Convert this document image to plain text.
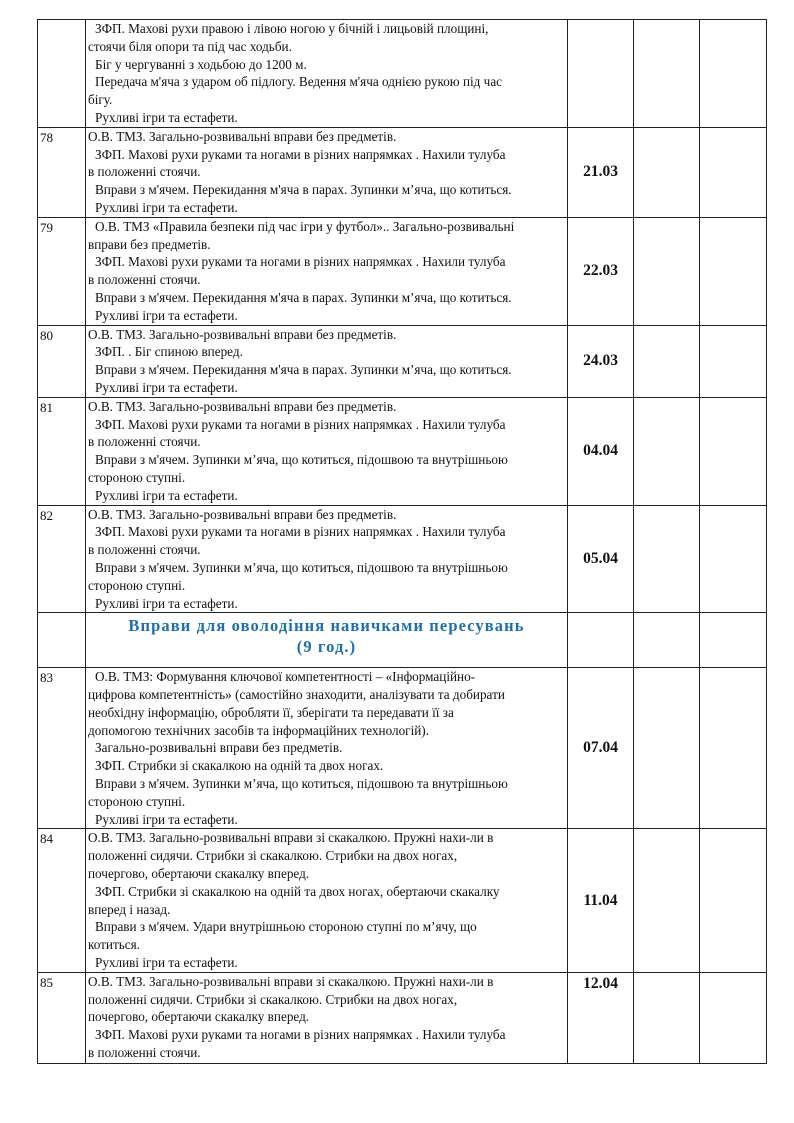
ЗФП. Махові рухи правою і лівою ногою у бічній і лицьовій площині,
стоячи біля опори та під час ходьби.
Біг у чергуванні з ходьбою до 1200 м.
Передача м'яча з ударом об підлогу. Ведення м'яча однією рукою під час
бігу.
Рухливі ігри та естафети.

78	О.В. ТМЗ. Загально-розвивальні вправи без предметів.
ЗФП. Махові рухи руками та ногами в різних напрямках . Нахили тулуба
в положенні стоячи.
Вправи з м'ячем. Перекидання м'яча в парах. Зупинки м’яча, що котиться.
Рухливі ігри та естафети.	21.03		
79	О.В. ТМЗ «Правила безпеки під час ігри у футбол».. Загально-розвивальні
вправи без предметів.
ЗФП. Махові рухи руками та ногами в різних напрямках . Нахили тулуба
в положенні стоячи.
Вправи з м'ячем. Перекидання м'яча в парах. Зупинки м’яча, що котиться.
Рухливі ігри та естафети.
	22.03		
80	О.В. ТМЗ. Загально-розвивальні вправи без предметів.
ЗФП. . Біг спиною вперед.
Вправи з м'ячем. Перекидання м'яча в парах. Зупинки м’яча, що котиться.
Рухливі ігри та естафети.	24.03		
81	О.В. ТМЗ. Загально-розвивальні вправи без предметів.
ЗФП. Махові рухи руками та ногами в різних напрямках . Нахили тулуба
в положенні стоячи.
Вправи з м'ячем. Зупинки м’яча, що котиться, підошвою та внутрішньою
стороною ступні.
Рухливі ігри та естафети.
	04.04		
82	О.В. ТМЗ. Загально-розвивальні вправи без предметів.
ЗФП. Махові рухи руками та ногами в різних напрямках . Нахили тулуба
в положенні стоячи.
Вправи з м'ячем. Зупинки м’яча, що котиться, підошвою та внутрішньою
стороною ступні.
Рухливі ігри та естафети.
	05.04		

	Вправи для оволодіння навичками пересувань
(9 год.)			

83	О.В. ТМЗ: Формування ключової компетентності – «Інформаційно-
цифрова компетентність» (самостійно знаходити, аналізувати та добирати
необхідну інформацію, обробляти її, зберігати та передавати її за
допомогою технічних засобів та інформаційних технологій).
Загально-розвивальні вправи без предметів.
ЗФП. Стрибки зі скакалкою на одній та двох ногах.
Вправи з м'ячем. Зупинки м’яча, що котиться, підошвою та внутрішньою
стороною ступні.
Рухливі ігри та естафети.
	07.04		
84	О.В. ТМЗ. Загально-розвивальні вправи зі скакалкою. Пружні нахи-ли в
положенні сидячи. Стрибки зі скакалкою. Стрибки на двох ногах,
почергово, обертаючи скакалку вперед.
ЗФП. Стрибки зі скакалкою на одній та двох ногах, обертаючи скакалку
вперед і назад.
Вправи з м'ячем. Удари внутрішньою стороною ступні по м’ячу, що
котиться.
Рухливі ігри та естафети.
	11.04		
85	О.В. ТМЗ. Загально-розвивальні вправи зі скакалкою. Пружні нахи-ли в
положенні сидячи. Стрибки зі скакалкою. Стрибки на двох ногах,
почергово, обертаючи скакалку вперед.
ЗФП. Махові рухи руками та ногами в різних напрямках . Нахили тулуба
в положенні стоячи.	12.04		
